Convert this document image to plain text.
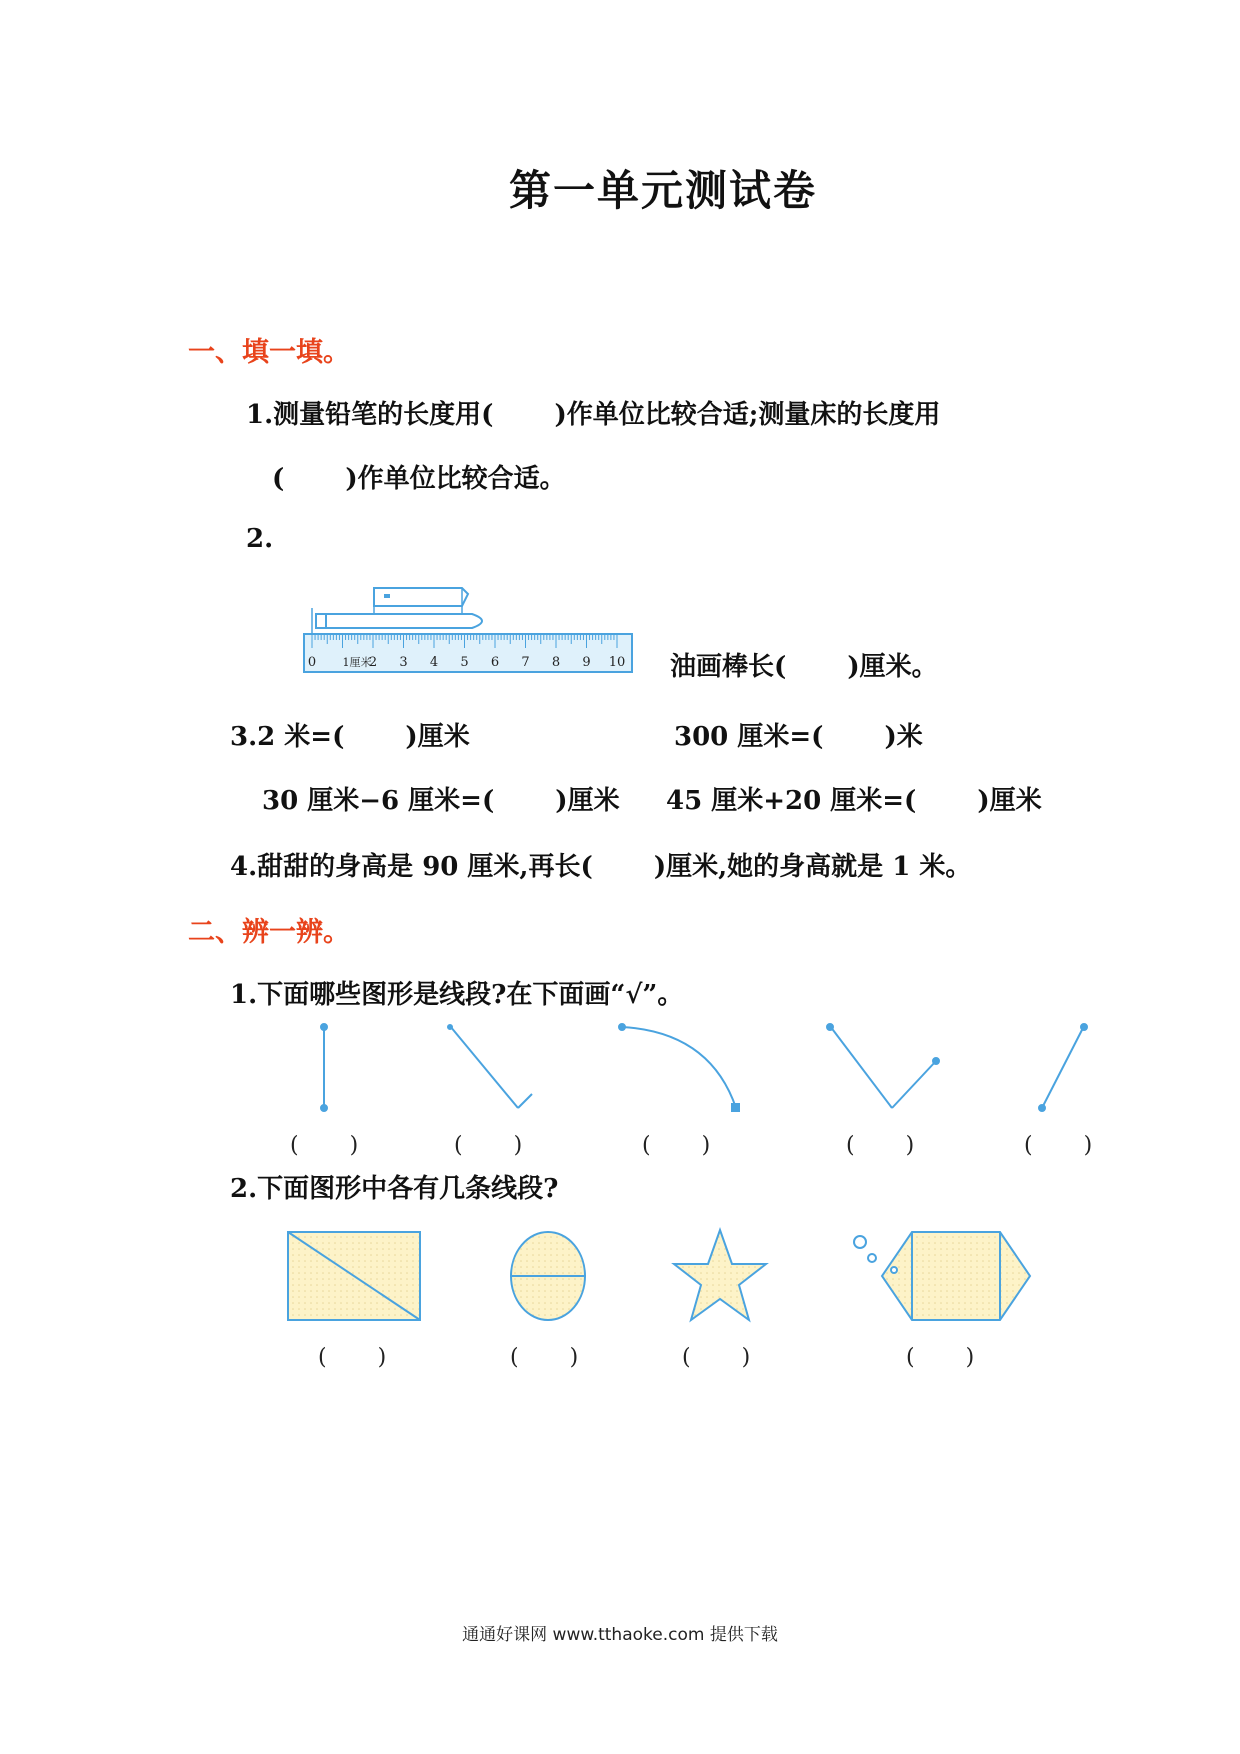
第一单元测试卷
一、填一填。
1.测量铅笔的长度用(　　 )作单位比较合适;测量床的长度用
(　　 )作单位比较合适。
2.
0 1厘米
2 3 4 5 6 7 8 9 10 油画棒长(　　 )厘米。
3.2 米=(　　 )厘米	300 厘米=(　　 )米
30 厘米−6 厘米=(　　 )厘米 45 厘米+20 厘米=(　　 )厘米
4.甜甜的身高是 90 厘米,再长(　　 )厘米,她的身高就是 1 米。
二、辨一辨。
1.下面哪些图形是线段?在下面画“√”。
(　 　)	(　 　)	(　 　)	(　 　)	(　 　)
2.下面图形中各有几条线段?
(　 　)	(　 　)	(　 　)	(　 　)
通通好课网 www.tthaoke.com 提供下载
